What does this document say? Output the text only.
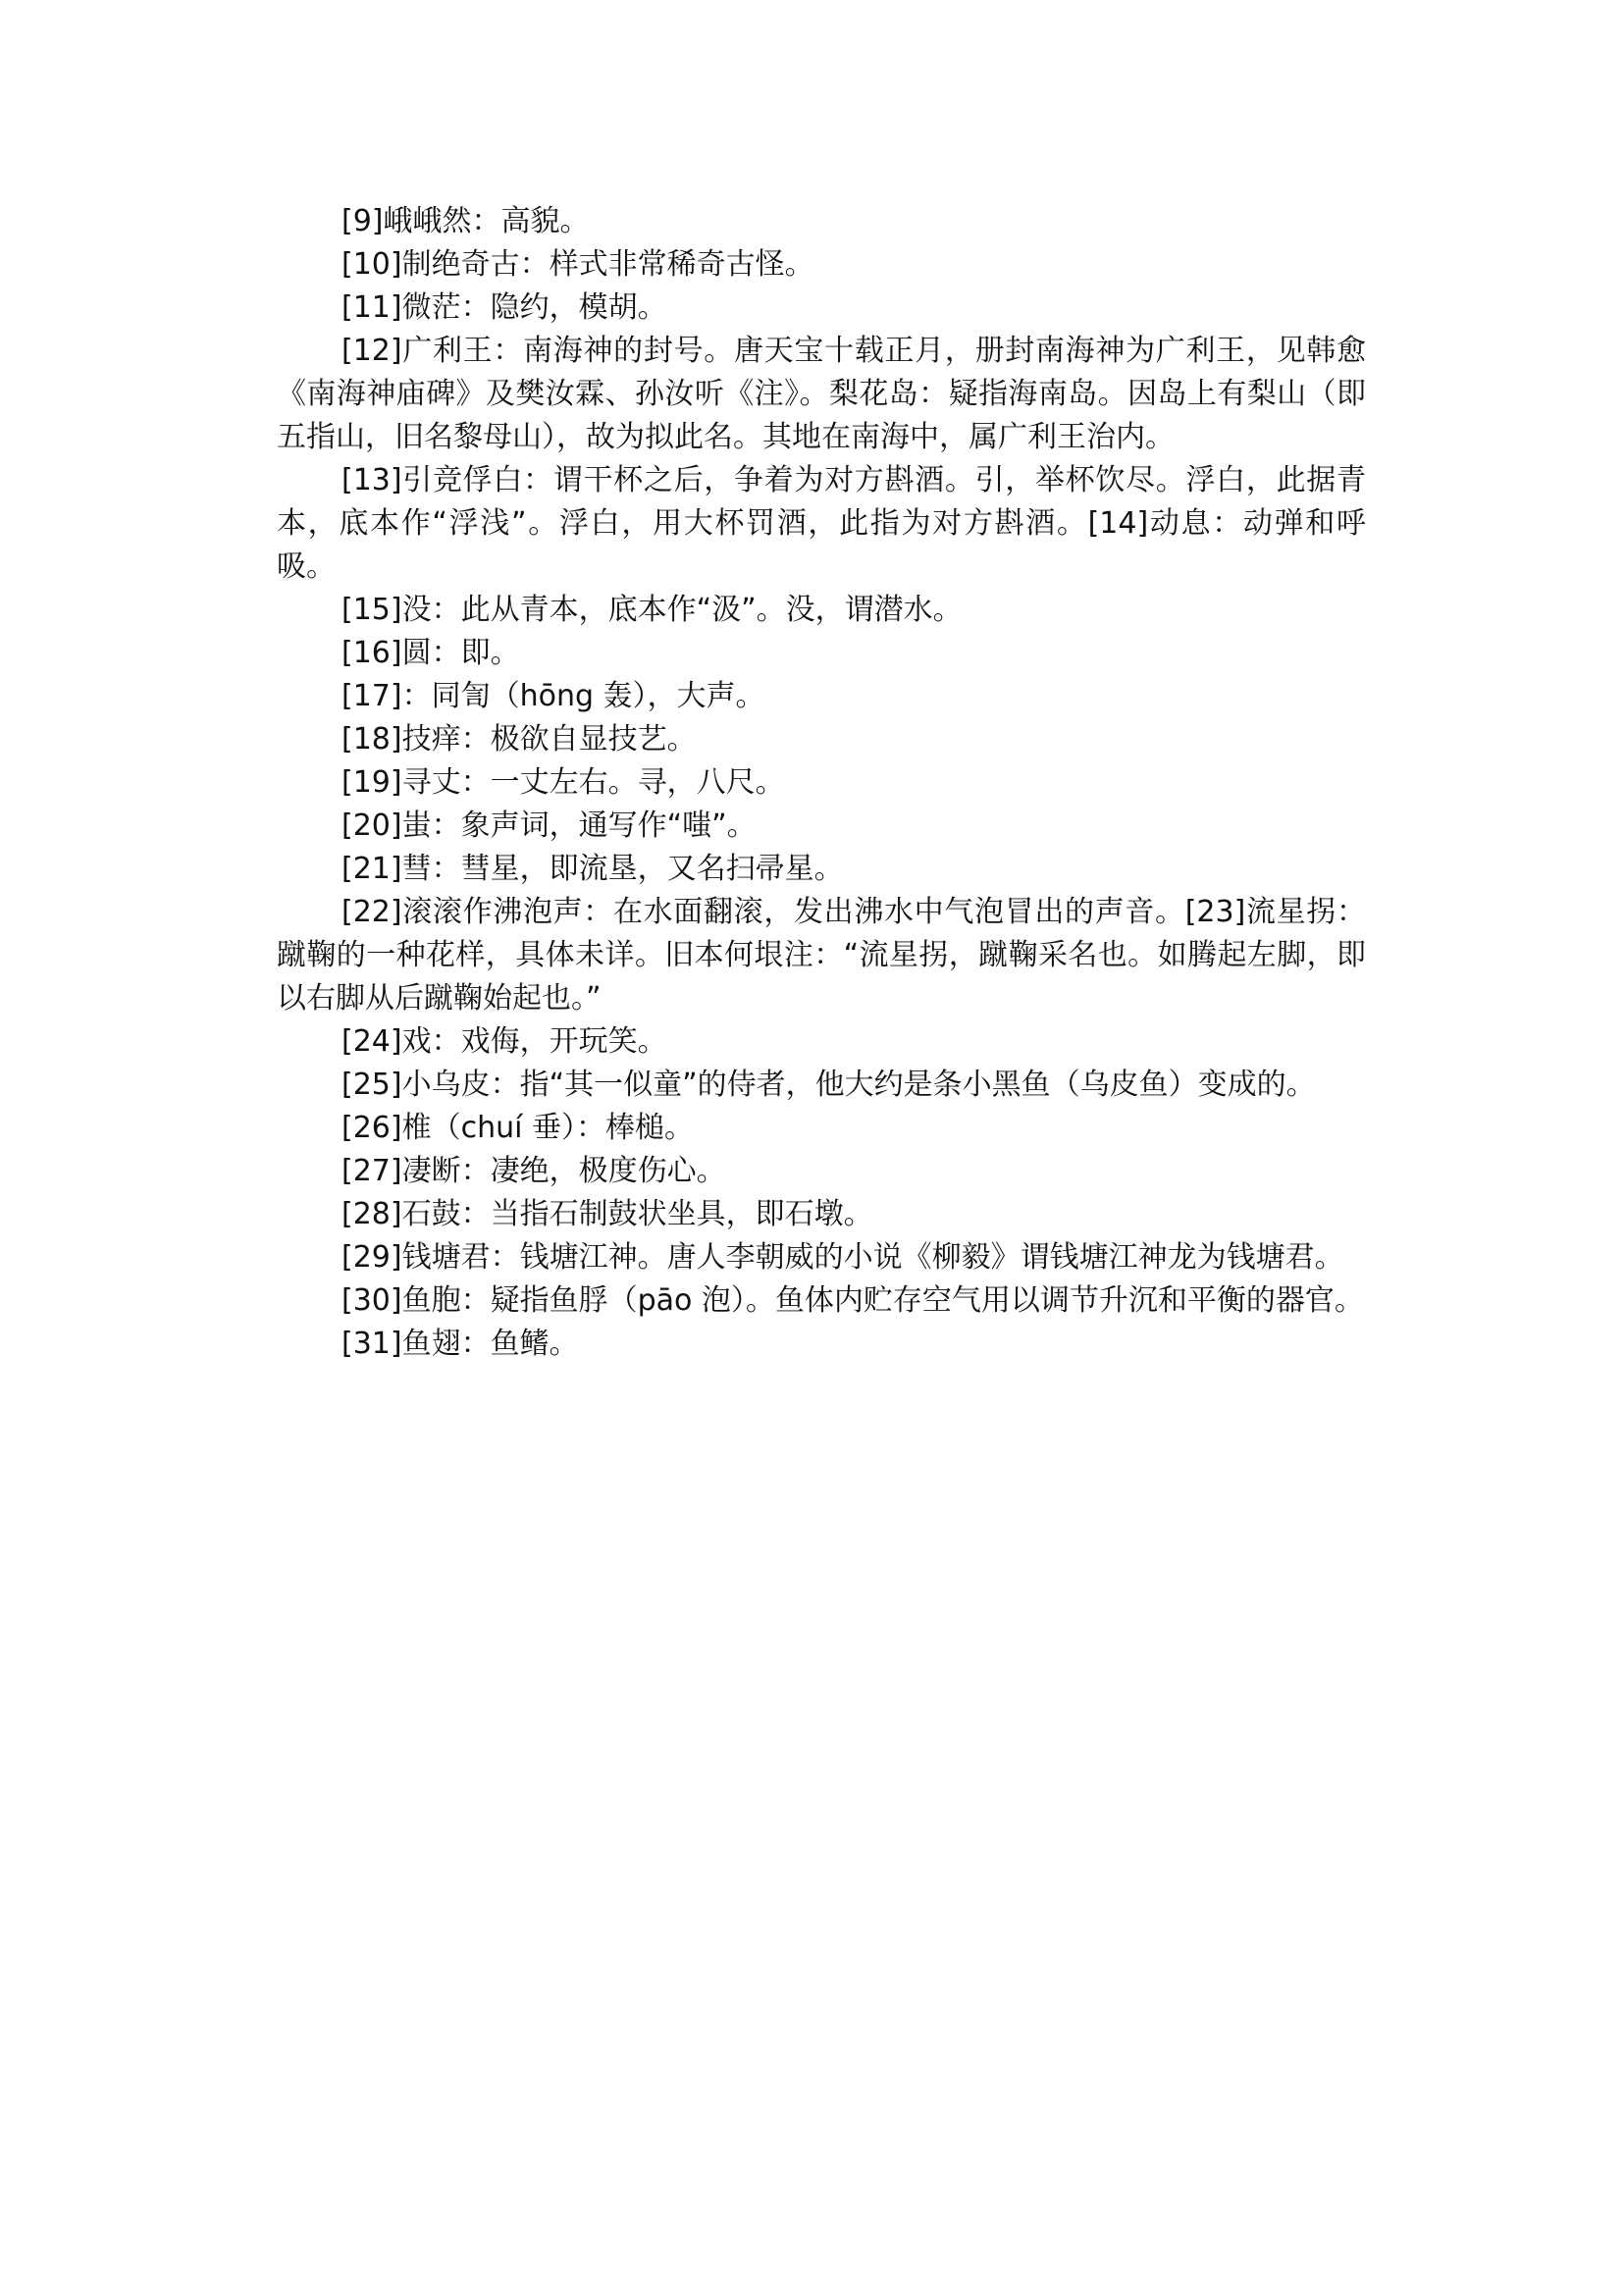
[9]峨峨然：高貌。

[10]制绝奇古：样式非常稀奇古怪。

[11]微茫：隐约，模胡。

[12]广利王：南海神的封号。唐天宝十载正月，册封南海神为广利王，见韩愈《南海神庙碑》及樊汝霖、孙汝听《注》。梨花岛：疑指海南岛。因岛上有梨山（即五指山，旧名黎母山），故为拟此名。其地在南海中，属广利王治内。

[13]引竞俘白：谓干杯之后，争着为对方斟酒。引，举杯饮尽。浮白，此据青本，底本作“浮浅”。浮白，用大杯罚酒，此指为对方斟酒。[14]动息：动弹和呼吸。

[15]没：此从青本，底本作“汲”。没，谓潜水。

[16]圆：即。

[17]：同訇（hōng 轰），大声。

[18]技痒：极欲自显技艺。

[19]寻丈：一丈左右。寻，八尺。

[20]蚩：象声词，通写作“嗤”。

[21]彗：彗星，即流垦，又名扫帚星。

[22]滚滚作沸泡声：在水面翻滚，发出沸水中气泡冒出的声音。[23]流星拐：蹴鞠的一种花样，具体未详。旧本何垠注：“流星拐，蹴鞠采名也。如腾起左脚，即以右脚从后蹴鞠始起也。”

[24]戏：戏侮，开玩笑。

[25]小乌皮：指“其一似童”的侍者，他大约是条小黑鱼（乌皮鱼）变成的。

[26]椎（chuí 垂）：棒槌。

[27]凄断：凄绝，极度伤心。

[28]石鼓：当指石制鼓状坐具，即石墩。

[29]钱塘君：钱塘江神。唐人李朝威的小说《柳毅》谓钱塘江神龙为钱塘君。

[30]鱼胞：疑指鱼脬（pāo 泡）。鱼体内贮存空气用以调节升沉和平衡的器官。

[31]鱼翅：鱼鳍。
